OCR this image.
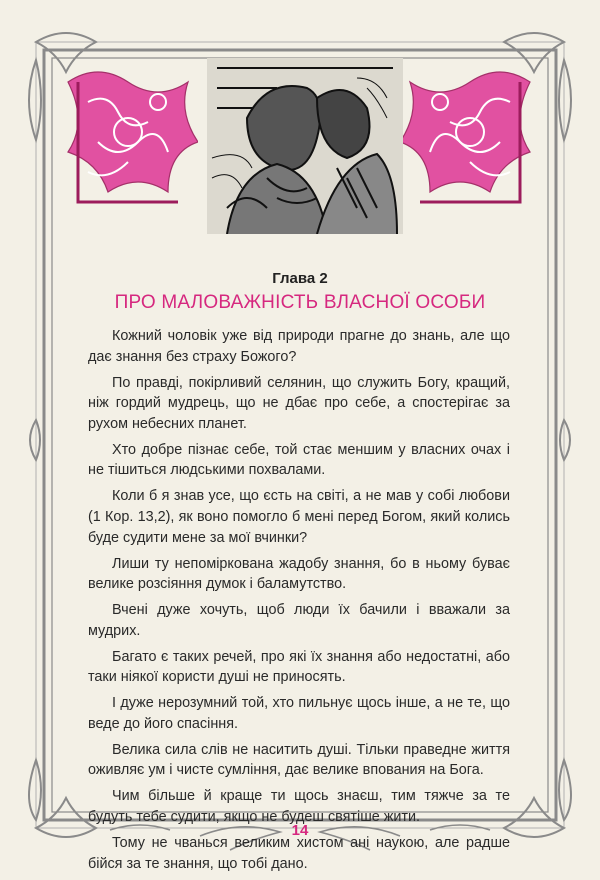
Глава 2
ПРО МАЛОВАЖНІСТЬ ВЛАСНОЇ ОСОБИ

Кожний чоловік уже від природи прагне до знань, але що дає знання без страху Божого?

По правді, покірливий селянин, що служить Богу, кращий, ніж гордий мудрець, що не дбає про себе, а спостерігає за рухом небесних планет.

Хто добре пізнає себе, той стає меншим у власних очах і не тішиться людськими похвалами.

Коли б я знав усе, що єсть на світі, а не мав у собі любови (1 Кор. 13,2), як воно помогло б мені перед Богом, який колись буде судити мене за мої вчинки?

Лиши ту непоміркована жадобу знання, бо в ньому буває велике розсіяння думок і баламутство.

Вчені дуже хочуть, щоб люди їх бачили і вважали за мудрих.

Багато є таких речей, про які їх знання або недостатні, або таки ніякої користи душі не приносять.

І дуже нерозумний той, хто пильнує щось інше, а не те, що веде до його спасіння.

Велика сила слів не наситить душі. Тільки праведне життя оживляє ум і чисте сумління, дає велике впования на Бога.

Чим більше й краще ти щось знаєш, тим тяжче за те будуть тебе судити, якщо не будеш святіше жити.

Тому не чванься великим хистом ані наукою, але радше бійся за те знання, що тобі дано.

14
